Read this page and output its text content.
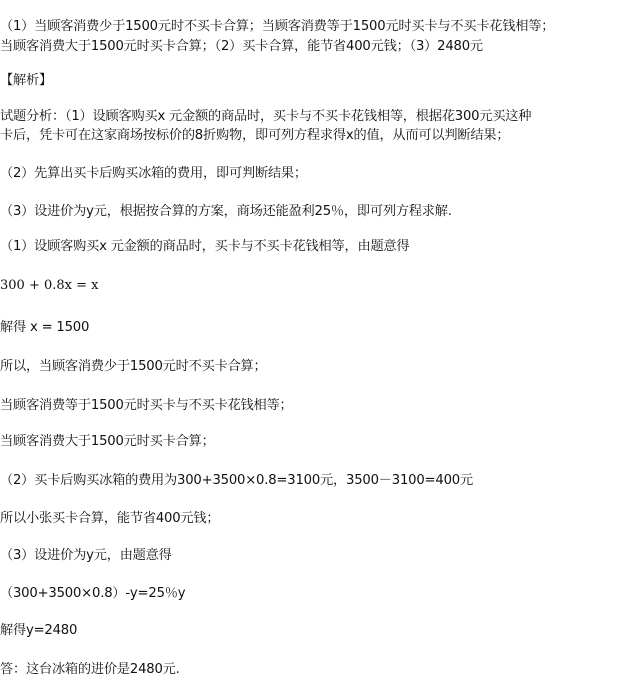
（1）当顾客消费少于1500元时不买卡合算；当顾客消费等于1500元时买卡与不买卡花钱相等；
当顾客消费大于1500元时买卡合算；（2）买卡合算，能节省400元钱；（3）2480元
【解析】
试题分析：（1）设顾客购买x 元金额的商品时，买卡与不买卡花钱相等，根据花300元买这种
卡后，凭卡可在这家商场按标价的8折购物，即可列方程求得x的值，从而可以判断结果；
（2）先算出买卡后购买冰箱的费用，即可判断结果；
（3）设进价为y元，根据按合算的方案，商场还能盈利25％，即可列方程求解.
（1）设顾客购买x 元金额的商品时，买卡与不买卡花钱相等，由题意得
300 + 0.8x = x
解得 x = 1500
所以，当顾客消费少于1500元时不买卡合算；
当顾客消费等于1500元时买卡与不买卡花钱相等；
当顾客消费大于1500元时买卡合算；
（2）买卡后购买冰箱的费用为300+3500×0.8=3100元，3500－3100=400元
所以小张买卡合算，能节省400元钱；
（3）设进价为y元，由题意得
（300+3500×0.8）-y=25％y
解得y=2480
答：这台冰箱的进价是2480元.
